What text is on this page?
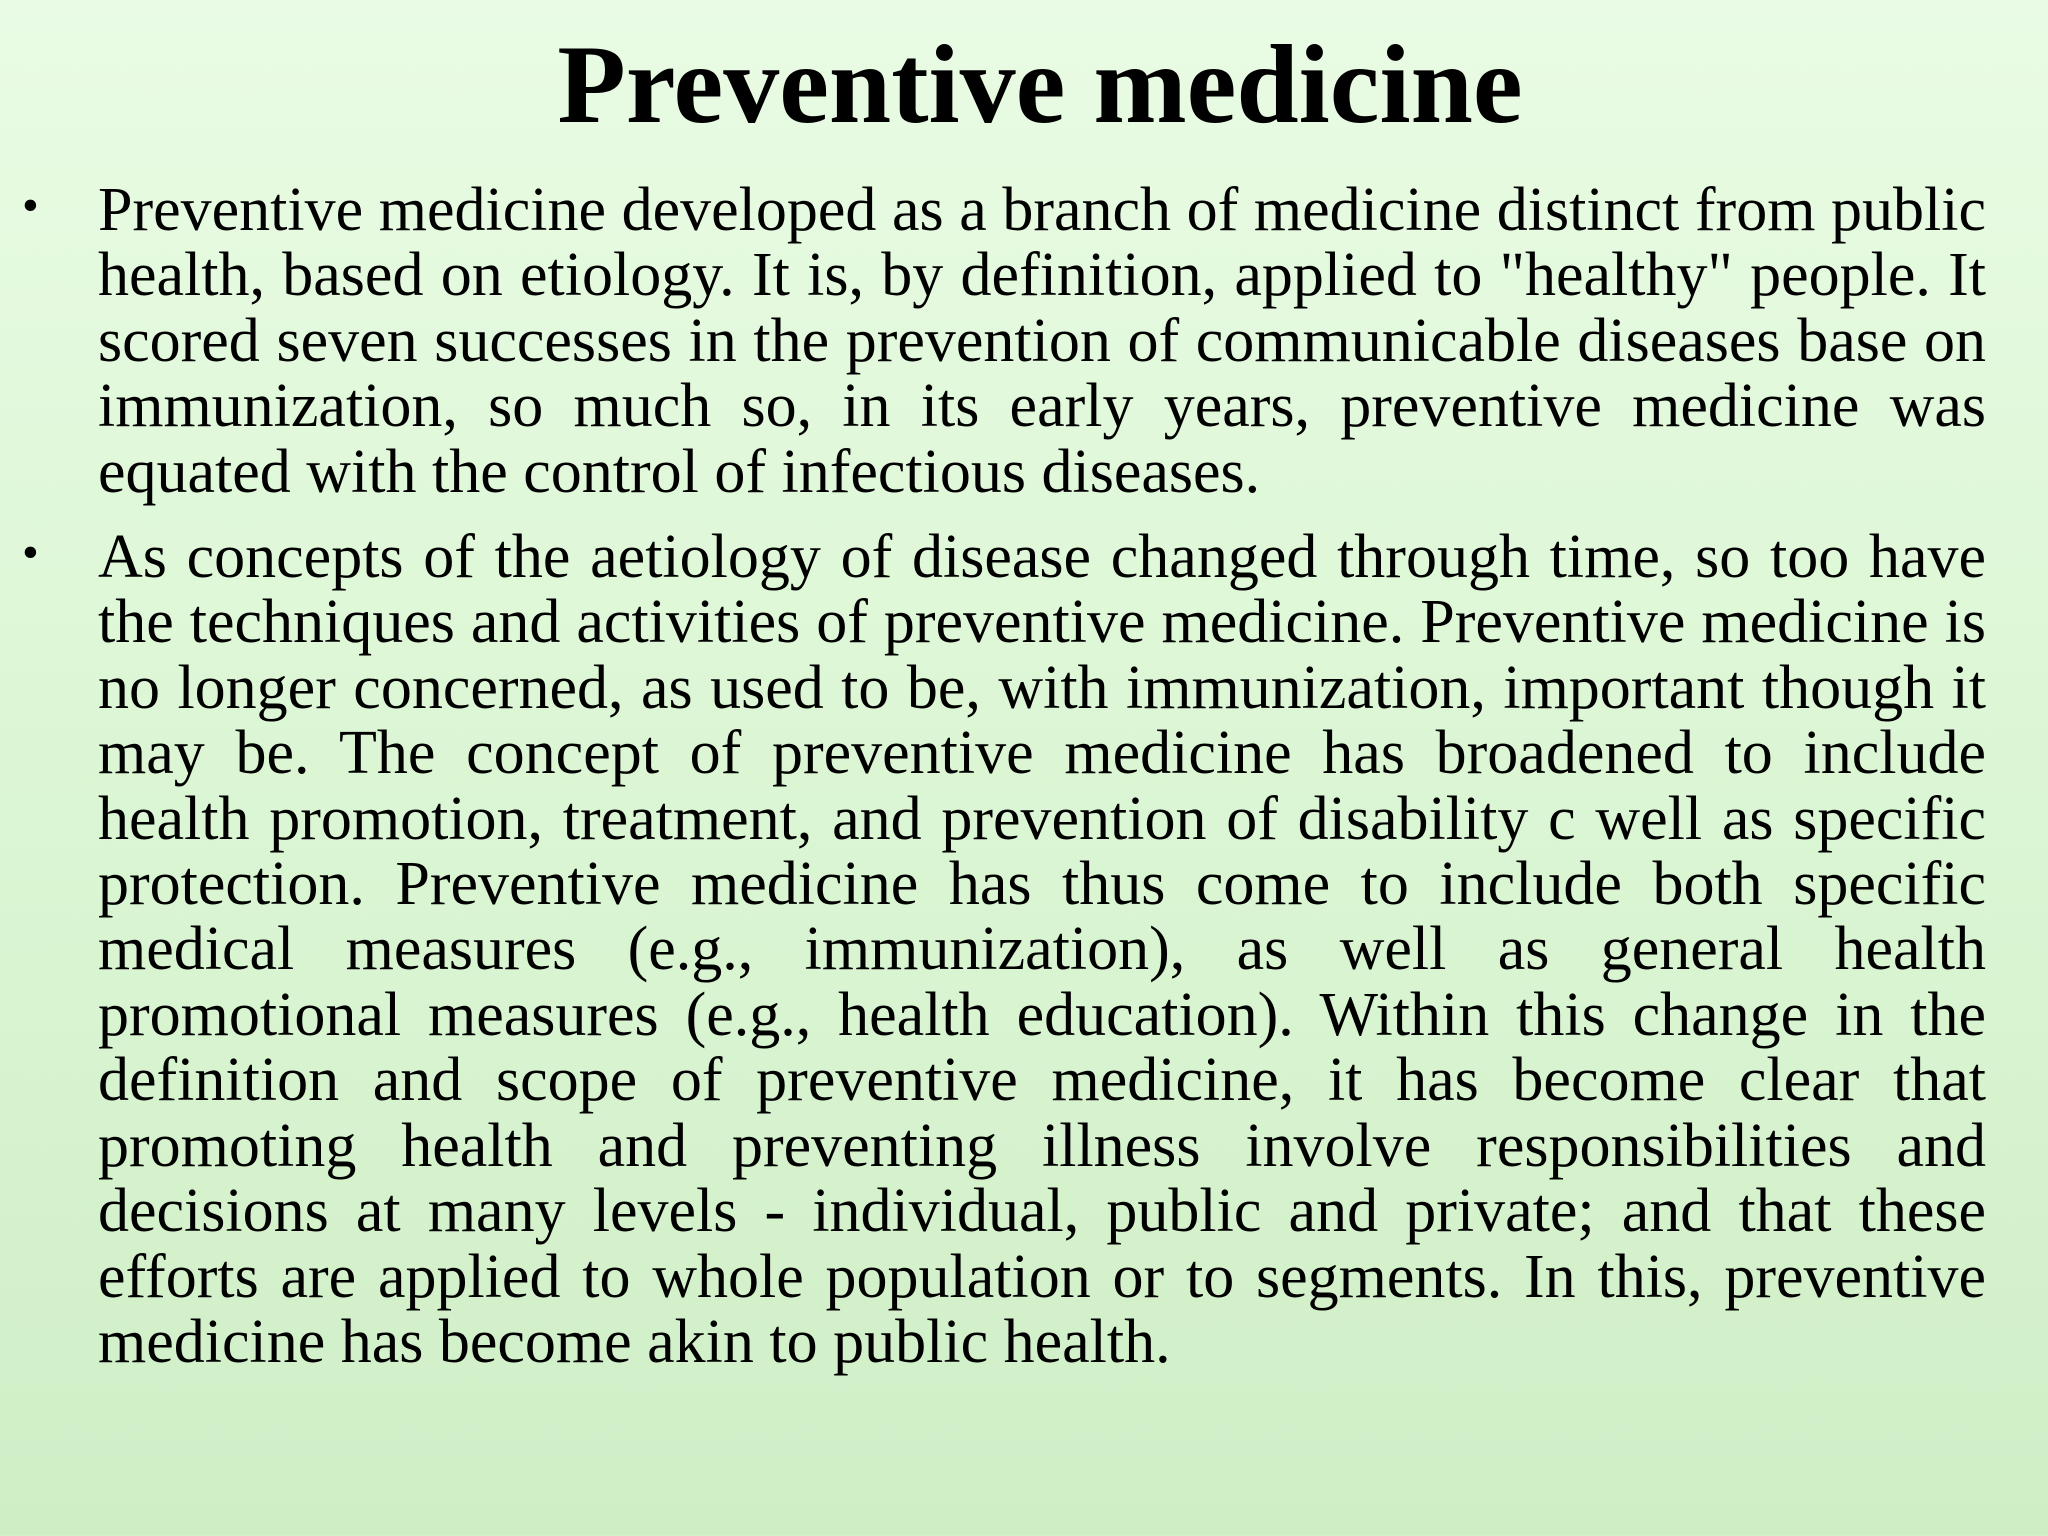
Preventive medicine
• Preventive medicine developed as a branch of medicine distinct from public health, based on etiology. It is, by definition, applied to "healthy" people. It scored seven successes in the prevention of communicable diseases base on immunization, so much so, in its early years, preventive medicine was equated with the control of infectious diseases.

• As concepts of the aetiology of disease changed through time, so too have the techniques and activities of preventive medicine. Preventive medicine is no longer concerned, as used to be, with immunization, important though it may be. The concept of preventive medicine has broadened to include health promotion, treatment, and prevention of disability c well as specific protection. Preventive medicine has thus come to include both specific medical measures (e.g., immunization), as well as general health promotional measures (e.g., health education). Within this change in the definition and scope of preventive medicine, it has become clear that promoting health and preventing illness involve responsibilities and decisions at many levels - individual, public and private; and that these efforts are applied to whole population or to segments. In this, preventive medicine has become akin to public health.
